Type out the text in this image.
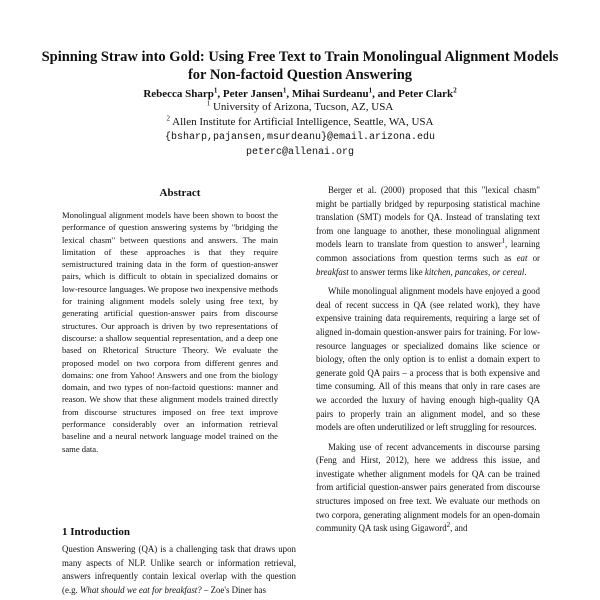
Spinning Straw into Gold: Using Free Text to Train Monolingual Alignment Models for Non-factoid Question Answering
Rebecca Sharp$^1$, Peter Jansen$^1$, Mihai Surdeanu$^1$, and Peter Clark$^2$
$^1$ University of Arizona, Tucson, AZ, USA
$^2$ Allen Institute for Artificial Intelligence, Seattle, WA, USA
{bsharp,pajansen,msurdeanu}@email.arizona.edu
peterc@allenai.org
Abstract
Monolingual alignment models have been shown to boost the performance of question answering systems by "bridging the lexical chasm" between questions and answers. The main limitation of these approaches is that they require semistructured training data in the form of question-answer pairs, which is difficult to obtain in specialized domains or low-resource languages. We propose two inexpensive methods for training alignment models solely using free text, by generating artificial question-answer pairs from discourse structures. Our approach is driven by two representations of discourse: a shallow sequential representation, and a deep one based on Rhetorical Structure Theory. We evaluate the proposed model on two corpora from different genres and domains: one from Yahoo! Answers and one from the biology domain, and two types of non-factoid questions: manner and reason. We show that these alignment models trained directly from discourse structures imposed on free text improve performance considerably over an information retrieval baseline and a neural network language model trained on the same data.
1 Introduction
Question Answering (QA) is a challenging task that draws upon many aspects of NLP. Unlike search or information retrieval, answers infrequently contain lexical overlap with the question (e.g. What should we eat for breakfast? – Zoe's Diner has

Berger et al. (2000) proposed that this "lexical chasm" might be partially bridged by repurposing statistical machine translation (SMT) models for QA. Instead of translating text from one language to another, these monolingual alignment models learn to translate from question to answer$^1$, learning common associations from question terms such as eat or breakfast to answer terms like kitchen, pancakes, or cereal.

While monolingual alignment models have enjoyed a good deal of recent success in QA (see related work), they have expensive training data requirements, requiring a large set of aligned in-domain question-answer pairs for training. For low-resource languages or specialized domains like science or biology, often the only option is to enlist a domain expert to generate gold QA pairs – a process that is both expensive and time consuming. All of this means that only in rare cases are we accorded the luxury of having enough high-quality QA pairs to properly train an alignment model, and so these models are often underutilized or left struggling for resources.

Making use of recent advancements in discourse parsing (Feng and Hirst, 2012), here we address this issue, and investigate whether alignment models for QA can be trained from artificial question-answer pairs generated from discourse structures imposed on free text. We evaluate our methods on two corpora, generating alignment models for an open-domain community QA task using Gigaword$^2$, and
